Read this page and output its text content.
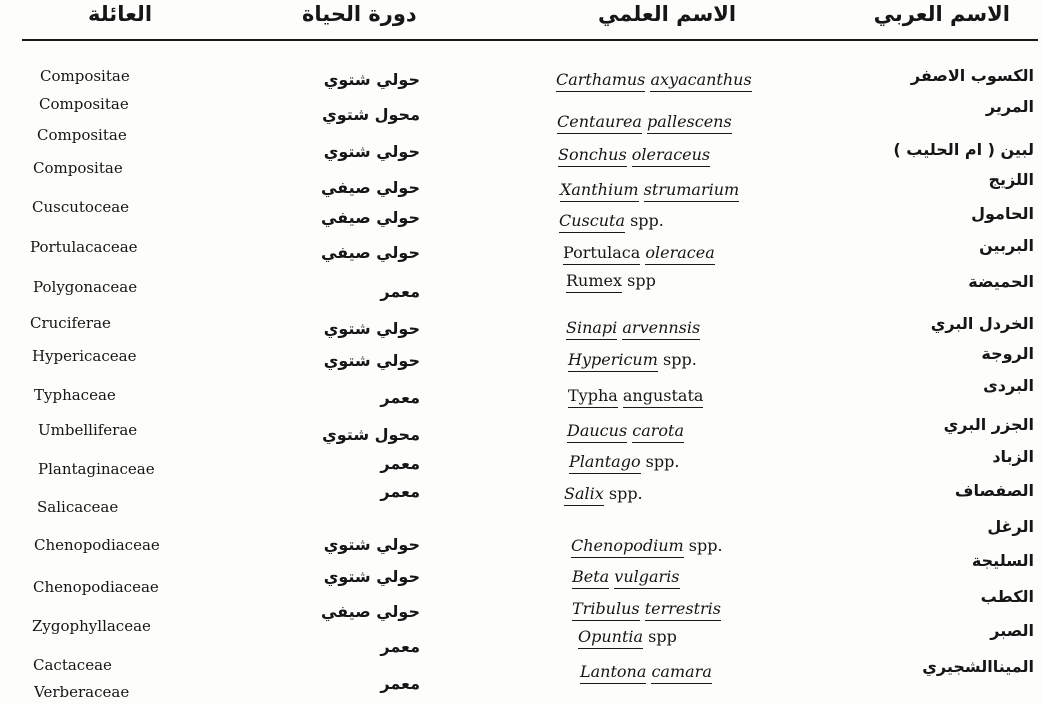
الاسم العربي
الاسم العلمي
دورة الحياة
العائلة
الكسوب الاصفر
Carthamus axyacanthus
حولي شتوي
Compositae
المرير
Centaurea pallescens
محول شتوي
Compositae
لبين ( ام الحليب )
Sonchus oleraceus
حولي شتوي
Compositae
اللزيج
Xanthium strumarium
حولي صيفي
Compositae
الحامول
Cuscuta spp.
حولي صيفي
Cuscutoceae
البربين
Portulaca oleracea
حولي صيفي
Portulacaceae
الحميضة
Rumex spp
معمر
Polygonaceae
الخردل البري
Sinapi arvennsis
حولي شتوي
Cruciferae
الروجة
Hypericum spp.
حولي شتوي
Hypericaceae
البردى
Typha angustata
معمر
Typhaceae
الجزر البري
Daucus carota
محول شتوي
Umbelliferae
الزباد
Plantago spp.
معمر
Plantaginaceae
الصفصاف
Salix spp.
معمر
Salicaceae
الرغل
السليجة
Chenopodium spp.
حولي شتوي
Chenopodiaceae
الكطب
Beta vulgaris
حولي شتوي
Chenopodiaceae
الصبر
Tribulus terrestris
حولي صيفي
Zygophyllaceae
الميناالشجيري
Opuntia spp
معمر
Cactaceae	Lantona camara
معمر
Verberaceae
